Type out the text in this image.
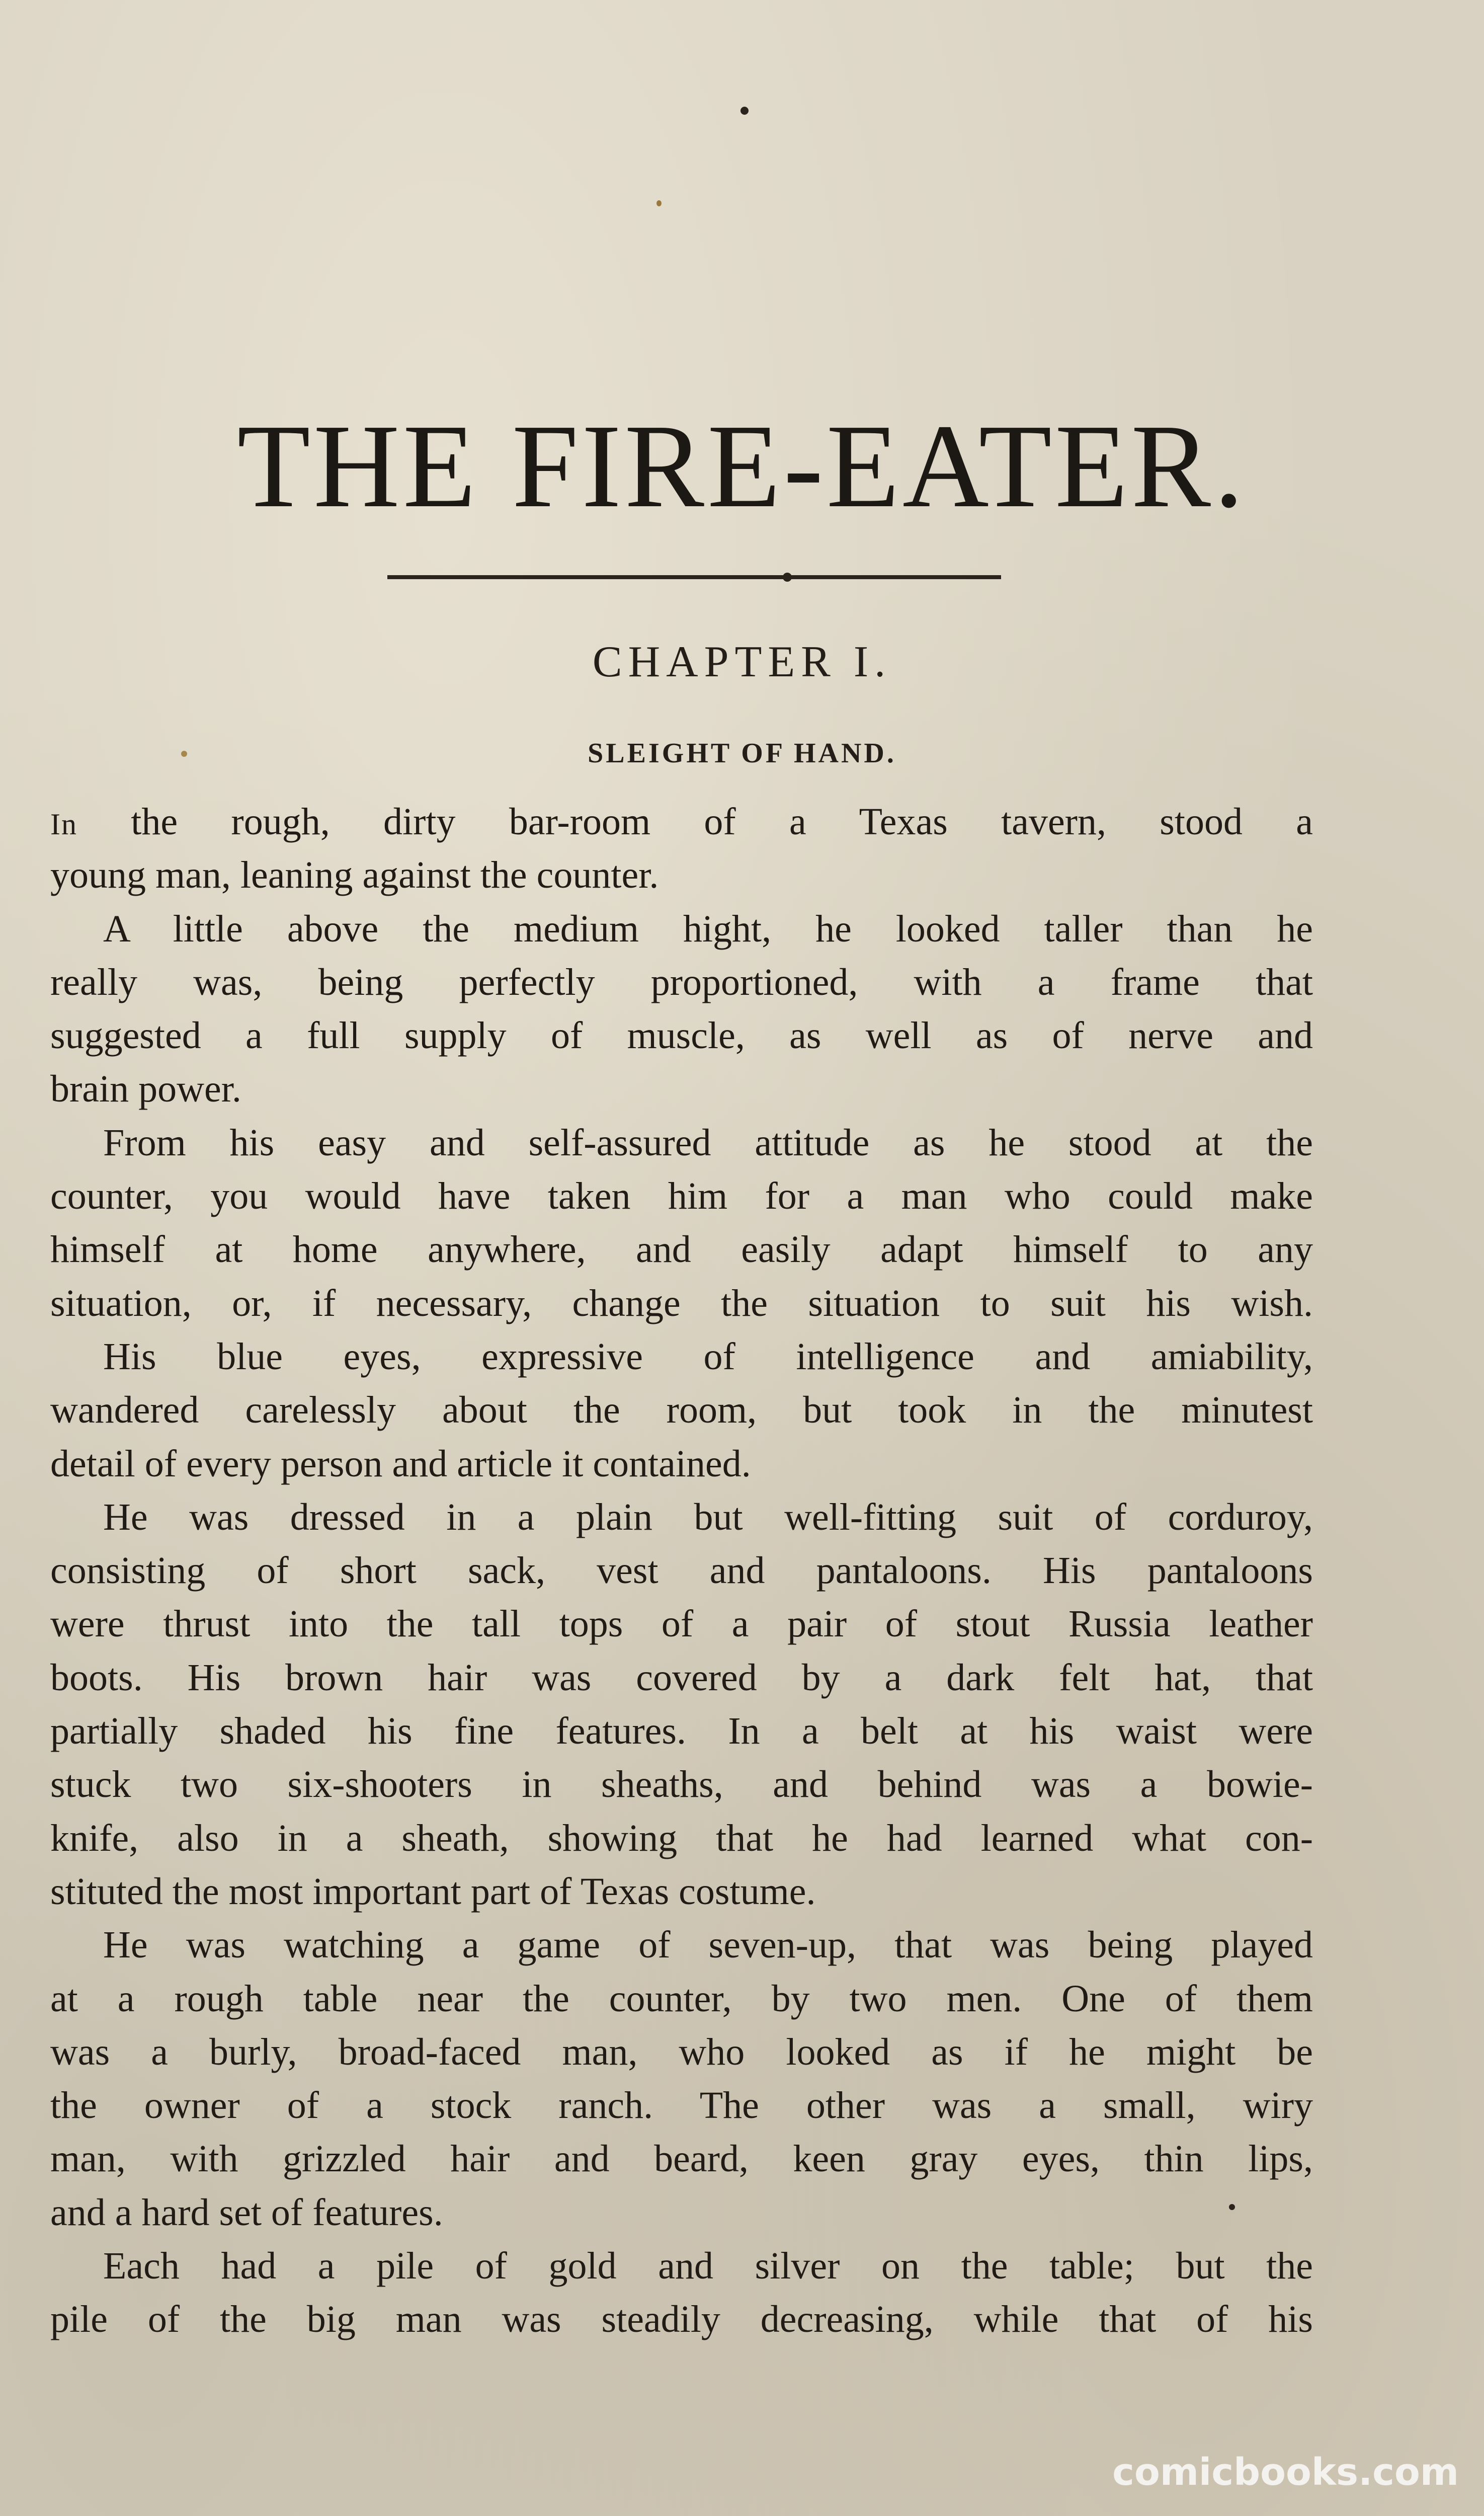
THE FIRE-EATER.
CHAPTER I.
SLEIGHT OF HAND.
In the rough, dirty bar-room of a Texas tavern, stood a
young man, leaning against the counter.
A little above the medium hight, he looked taller than he
really was, being perfectly proportioned, with a frame that
suggested a full supply of muscle, as well as of nerve and
brain power.
From his easy and self-assured attitude as he stood at the
counter, you would have taken him for a man who could make
himself at home anywhere, and easily adapt himself to any
situation, or, if necessary, change the situation to suit his wish.
His blue eyes, expressive of intelligence and amiability,
wandered carelessly about the room, but took in the minutest
detail of every person and article it contained.
He was dressed in a plain but well-fitting suit of corduroy,
consisting of short sack, vest and pantaloons. His pantaloons
were thrust into the tall tops of a pair of stout Russia leather
boots. His brown hair was covered by a dark felt hat, that
partially shaded his fine features. In a belt at his waist were
stuck two six-shooters in sheaths, and behind was a bowie-
knife, also in a sheath, showing that he had learned what con-
stituted the most important part of Texas costume.
He was watching a game of seven-up, that was being played
at a rough table near the counter, by two men. One of them
was a burly, broad-faced man, who looked as if he might be
the owner of a stock ranch. The other was a small, wiry
man, with grizzled hair and beard, keen gray eyes, thin lips,
and a hard set of features.
Each had a pile of gold and silver on the table; but the
pile of the big man was steadily decreasing, while that of his
comicbooks.com
